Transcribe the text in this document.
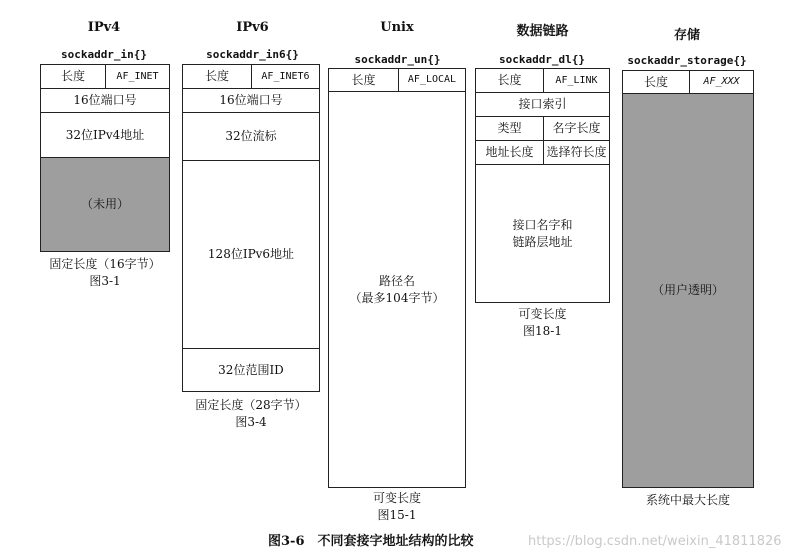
IPv4
sockaddr_in{}
长度	AF_INET
16位端口号
32位IPv4地址
（未用）
固定长度（16字节）
图3-1
IPv6
sockaddr_in6{}
长度	AF_INET6
16位端口号
32位流标
128位IPv6地址
32位范围ID
固定长度（28字节）
图3-4
Unix
sockaddr_un{}
长度	AF_LOCAL
路径名
（最多104字节）
可变长度
图15-1
数据链路
sockaddr_dl{}
长度	AF_LINK
接口索引
类型	名字长度
地址长度	选择符长度
接口名字和
链路层地址
可变长度
图18-1
存储
sockaddr_storage{}
长度	AF_XXX
（用户透明）
系统中最大长度
图3-6　不同套接字地址结构的比较	https://blog.csdn.net/weixin_41811826
